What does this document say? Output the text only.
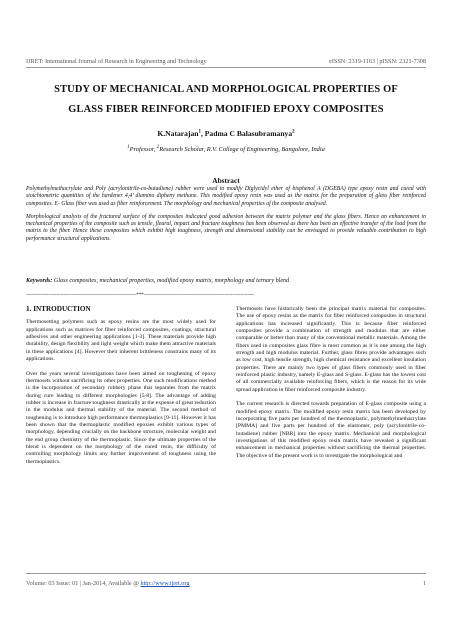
IJRET: International Journal of Research in Engineering and Technology	eISSN: 2319-1163 | pISSN: 2321-7308
STUDY OF MECHANICAL AND MORPHOLOGICAL PROPERTIES OF
GLASS FIBER REINFORCED MODIFIED EPOXY COMPOSITES
K.Natarajan$^1$, Padma C Balasubramanya$^2$
$^1$Professor, $^2$Research Scholar, R.V. College of Engineering, Bangalore, India
Abstract

Polymethylmethacrylate and Poly (acrylonitrile-co-butadiene) rubber were used to modify Diglycidyl ether of bisphenol A (DGEBA) type epoxy resin and cured with stoichiometric quantities of the hardener 4,4’ diamino dipheny methane. This modified epoxy resin was used as the matrix for the preparation of glass fiber reinforced composites. E- Glass fiber was used as fiber reinforcement. The morphology and mechanical properties of the composite analysed.

Morphological analysis of the fractured surface of the composites indicated good adhesion between the matrix polymer and the glass fibers. Hence an enhancement in mechanical properties of the composite such as tensile, fleural, impact and fracture toughness has been observed as there has been an effective transfer of the load from the matrix to the fiber. Hence these composites which exhibit high toughness, strength and dimensional stability can be envisaged to provide valuable contribution to high performance structural applications.

Keywords: Glass composites, mechanical properties, modified epoxy matrix, morphology and ternary blend
----------------------------------------------------------------------***----------------------------------------------------------------------
1. INTRODUCTION

Thermosetting polymers such as epoxy resins are the most widely used for applications such as matrices for fiber reinforced composites, coatings, structural adhesives and other engineering applications [1-3]. These materials provide high durability, design flexibility and light weight which make them attractive materials in these applications [4]. However their inherent brittleness constrains many of its applications.

Over the years several investigations have been aimed on toughening of epoxy thermosets without sacrificing its other properties. One such modifications method is the incorporation of secondary rubbery phase that separates from the matrix during cure leading to different morphologies [5-8]. The advantage of adding rubber is increase in fracture toughness drastically at the expense of great reduction in the modulus and thermal stability of the material. The second method of toughening is to introduce high performance thermoplastics [9-11]. However it has been shown that the thermoplastic modified epoxies exhibit various types of morphology, depending crucially on the backbone structure, molecular weight and the end group chemistry of the thermoplastic. Since the ultimate properties of the blend is dependent on the morphology of the cured resin, the difficulty of controlling morphology limits any further improvement of toughness using the thermoplastics.

Thermosets have historically been the principal matrix material for composites. The use of epoxy resins as the matrix for fiber reinforced composites in structural applications has increased significantly. This is because fiber reinforced composites provide a combination of strength and modulus that are either comparable or better than many of the conventional metallic materials. Among the fibers used in composites glass fibre is most common as it is one among the high strength and high modulus material. Further, glass fibres provide advantages such as low cost, high tensile strength, high chemical resistance and excellent insulation properties. There are mainly two types of glass fibers commonly used in fiber reinforced plastic industry, namely E-glass and S-glass. E-glass has the lowest cost of all commercially available reinforcing fibers, which is the reason for its wide spread application in fiber reinforced composite industry.

The current research is directed towards preparation of E-glass composite using a modified epoxy matrix. The modified epoxy resin matrix has been developed by incorporating five parts per hundred of the thermoplastic, polymethylmethacrylate [PMMA] and five parts per hundred of the elastomer, poly (acrylonitrile-co-butadiene) rubber [NBR] into the epoxy matrix. Mechanical and morphological investigations of this modified epoxy resin matrix have revealed a significant enhancement in mechanical properties without sacrificing the thermal properties. The objective of the present work is to investigate the morphological and

Volume: 03 Issue: 01 | Jan-2014, Available @ http://www.ijret.org	1
